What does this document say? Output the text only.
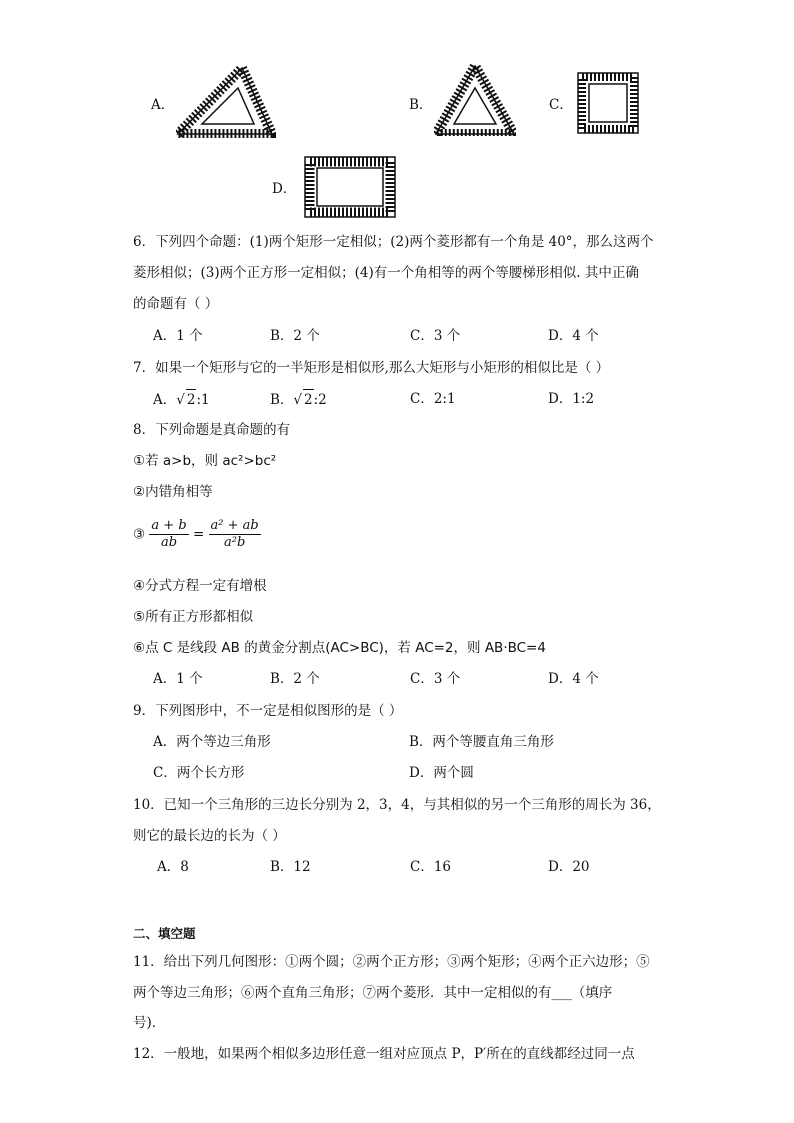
A．	B．	C．
D．
6．下列四个命题：(1)两个矩形一定相似；(2)两个菱形都有一个角是 40°，那么这两个
菱形相似；(3)两个正方形一定相似；(4)有一个角相等的两个等腰梯形相似. 其中正确
的命题有（ ）
A．1 个	B．2 个	C．3 个	D．4 个
7．如果一个矩形与它的一半矩形是相似形,那么大矩形与小矩形的相似比是（ ）
A．√ 2:1	B．√ 2:2	C．2:1	D．1:2
8．下列命题是真命题的有
①若 a>b，则 ac²>bc²
②内错角相等
③ $\frac{a + b}{ab} = \frac{\text{a² + ab}}{\text{a²b}}$
④分式方程一定有增根
⑤所有正方形都相似
⑥点 C 是线段 AB 的黄金分割点(AC>BC)，若 AC=2，则 AB·BC=4
A．1 个	B．2 个	C．3 个	D．4 个
9．下列图形中，不一定是相似图形的是（ ）
A．两个等边三角形	B．两个等腰直角三角形
C．两个长方形	D．两个圆
10．已知一个三角形的三边长分别为 2，3，4，与其相似的另一个三角形的周长为 36，
则它的最长边的长为（ ）
A．8	B．12	C．16	D．20
二、填空题
11．给出下列几何图形：①两个圆；②两个正方形；③两个矩形；④两个正六边形；⑤
两个等边三角形；⑥两个直角三角形；⑦两个菱形．其中一定相似的有___（填序
号)．
12．一般地，如果两个相似多边形任意一组对应顶点 P，P′所在的直线都经过同一点
